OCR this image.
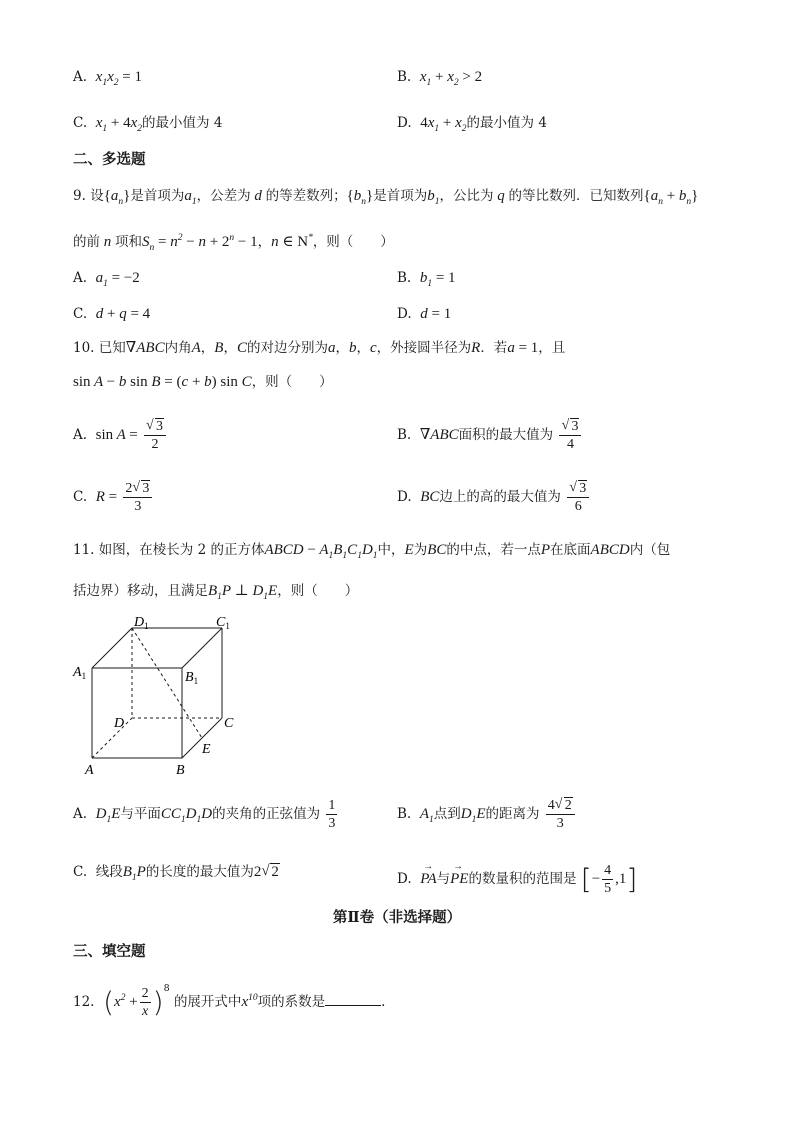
A. $x_1x_2 = 1$	B. $x_1 + x_2 > 2$
C. $x_1 + 4x_2$的最小值为 4	D. $4x_1 + x_2$的最小值为 4
二、多选题
9. 设$\{a_n\}$是首项为$a_1$，公差为 d 的等差数列；$\{b_n\}$是首项为$b_1$，公比为 q 的等比数列．已知数列$\{a_n + b_n\}$
的前 n 项和$S_n = n^2 - n + 2^n - 1$，n ∈ N*，则（　　）
A. $a_1 = -2$	B. $b_1 = 1$
C. d + q = 4	D. d = 1
10. 已知∇ABC内角A，B，C的对边分别为a，b，c，外接圆半径为R．若a = 1，且
sin A − b sin B = (c + b) sin C，则（　　）
A. sin A = √ $\frac{3}{2}$	B. ∇ABC面积的最大值为 √ $\frac{3}{4}$
C. $R = \frac{2 √ 3}{3}$	D. BC边上的高的最大值为 √ $\frac{3}{6}$
11. 如图，在棱长为 2 的正方体ABCD − $A_1B_1C_1D_1$中，E为BC的中点，若一点P在底面ABCD内（包
括边界）移动，且满足$B_1P$ ⊥ $D_1E$，则（　　）
$D_1$	$C_1$
$A_1$	$B_1$
D	C
E
A	B
A. $D_1E$与平面$CC_1D_1D$的夹角的正弦值为 $\frac{1}{3}$	B. $A_1$点到$D_1E$的距离为 $\frac{4 √ 2}{3}$
C. 线段$B_1P$的长度的最大值为2 √ 2	D. → PA与→ PE的数量积的范围是 [− $\frac{4}{5} ,1$]
第Ⅱ卷（非选择题）
三、填空题
12. $(x^2 + \frac{2}{x} )^8$ 的展开式中$x^{10}$项的系数是	.
